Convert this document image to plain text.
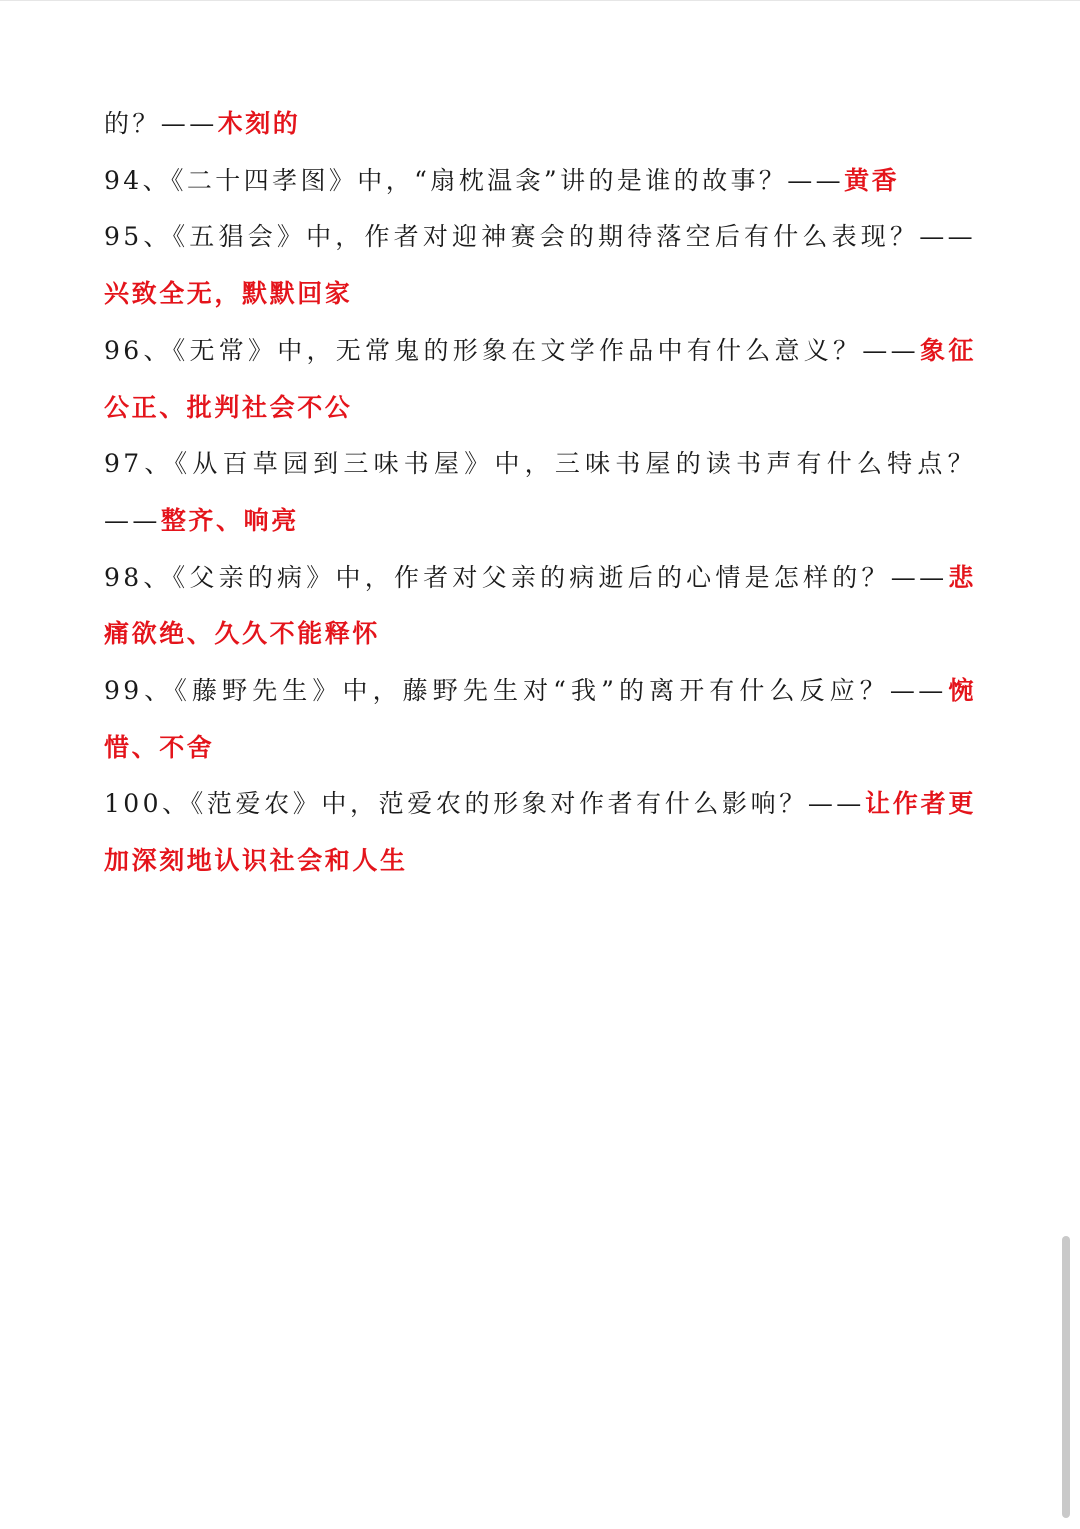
的？——木刻的

94、《二十四孝图》中，“扇枕温衾”讲的是谁的故事？——黄香

95、《五猖会》中，作者对迎神赛会的期待落空后有什么表现？——兴致全无，默默回家

96、《无常》中，无常鬼的形象在文学作品中有什么意义？——象征公正、批判社会不公

97、《从百草园到三味书屋》中，三味书屋的读书声有什么特点？——整齐、响亮

98、《父亲的病》中，作者对父亲的病逝后的心情是怎样的？——悲痛欲绝、久久不能释怀

99、《藤野先生》中，藤野先生对“我”的离开有什么反应？——惋惜、不舍

100、《范爱农》中，范爱农的形象对作者有什么影响？——让作者更加深刻地认识社会和人生
